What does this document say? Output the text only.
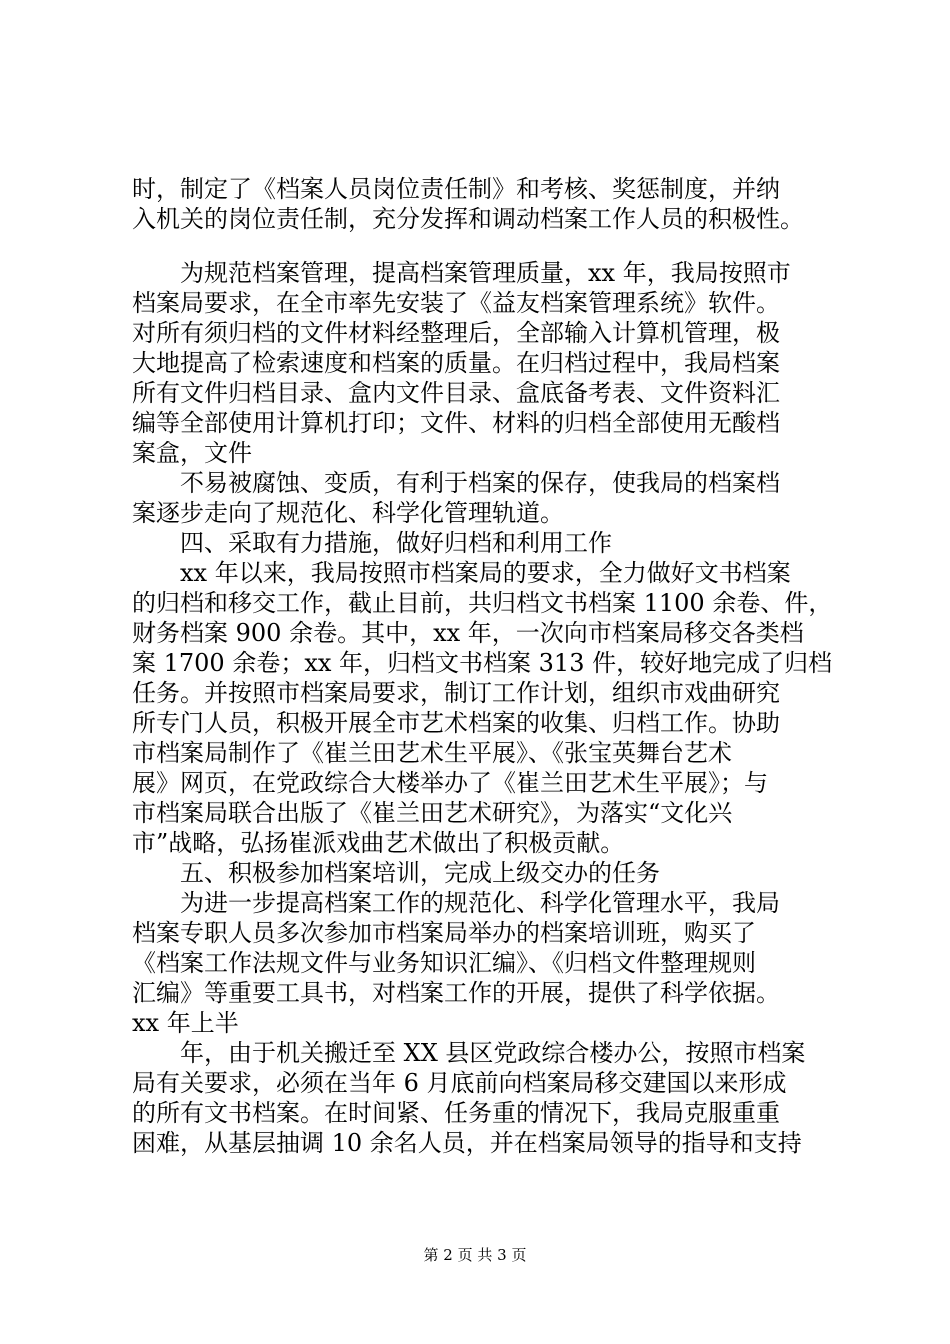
时，制定了《档案人员岗位责任制》和考核、奖惩制度，并纳
入机关的岗位责任制，充分发挥和调动档案工作人员的积极性。
为规范档案管理，提高档案管理质量，xx 年，我局按照市
档案局要求，在全市率先安装了《益友档案管理系统》软件。
对所有须归档的文件材料经整理后，全部输入计算机管理，极
大地提高了检索速度和档案的质量。在归档过程中，我局档案
所有文件归档目录、盒内文件目录、盒底备考表、文件资料汇
编等全部使用计算机打印；文件、材料的归档全部使用无酸档
案盒，文件
不易被腐蚀、变质，有利于档案的保存，使我局的档案档
案逐步走向了规范化、科学化管理轨道。
四、采取有力措施，做好归档和利用工作
xx 年以来，我局按照市档案局的要求，全力做好文书档案
的归档和移交工作，截止目前，共归档文书档案 1100 余卷、件，
财务档案 900 余卷。其中，xx 年，一次向市档案局移交各类档
案 1700 余卷；xx 年，归档文书档案 313 件，较好地完成了归档
任务。并按照市档案局要求，制订工作计划，组织市戏曲研究
所专门人员，积极开展全市艺术档案的收集、归档工作。协助
市档案局制作了《崔兰田艺术生平展》、《张宝英舞台艺术
展》网页，在党政综合大楼举办了《崔兰田艺术生平展》；与
市档案局联合出版了《崔兰田艺术研究》，为落实“文化兴
市”战略，弘扬崔派戏曲艺术做出了积极贡献。
五、积极参加档案培训，完成上级交办的任务
为进一步提高档案工作的规范化、科学化管理水平，我局
档案专职人员多次参加市档案局举办的档案培训班，购买了
《档案工作法规文件与业务知识汇编》、《归档文件整理规则
汇编》等重要工具书，对档案工作的开展，提供了科学依据。
xx 年上半
年，由于机关搬迁至 XX 县区党政综合楼办公，按照市档案
局有关要求，必须在当年 6 月底前向档案局移交建国以来形成
的所有文书档案。在时间紧、任务重的情况下，我局克服重重
困难，从基层抽调 10 余名人员，并在档案局领导的指导和支持
第 2 页 共 3 页
